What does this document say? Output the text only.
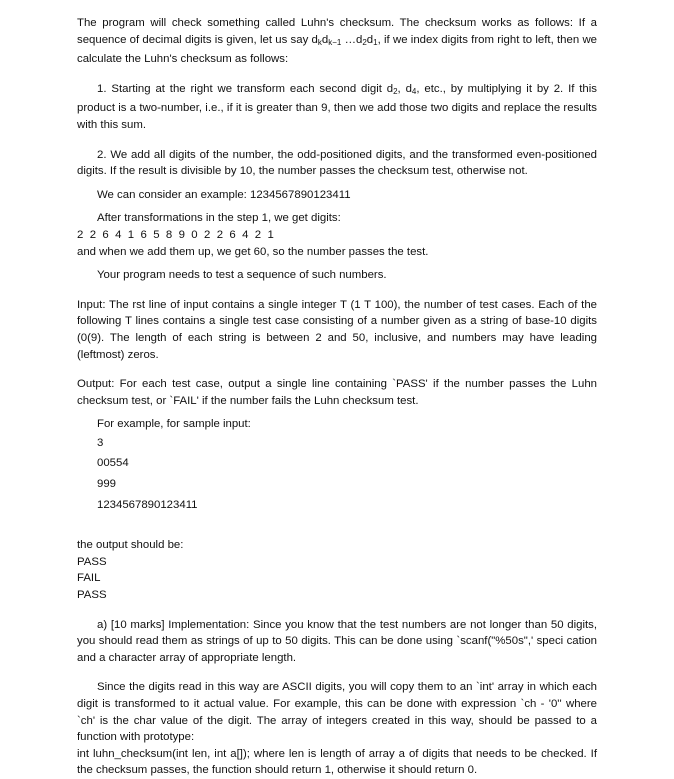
The program will check something called Luhn's checksum. The checksum works as follows: If a sequence of decimal digits is given, let us say $d_kd_{k-1}$ $\dots d_2d_1$, if we index digits from right to left, then we calculate the Luhn's checksum as follows:

1. Starting at the right we transform each second digit $d_2$, $d_4$, etc., by multiplying it by 2. If this product is a two-number, i.e., if it is greater than 9, then we add those two digits and replace the results with this sum.

2. We add all digits of the number, the odd-positioned digits, and the transformed even-positioned digits. If the result is divisible by 10, the number passes the checksum test, otherwise not.

We can consider an example: 1234567890123411

After transformations in the step 1, we get digits:

2 2 6 4 1 6 5 8 9 0 2 2 6 4 2 1

and when we add them up, we get 60, so the number passes the test.

Your program needs to test a sequence of such numbers.

Input: The rst line of input contains a single integer T (1 T 100), the number of test cases. Each of the following T lines contains a single test case consisting of a number given as a string of base-10 digits (0(9). The length of each string is between 2 and 50, inclusive, and numbers may have leading (leftmost) zeros.

Output: For each test case, output a single line containing `PASS' if the number passes the Luhn checksum test, or `FAIL' if the number fails the Luhn checksum test.

For example, for sample input:

3

00554

999

1234567890123411

the output should be:

PASS

FAIL

PASS

a) [10 marks] Implementation: Since you know that the test numbers are not longer than 50 digits, you should read them as strings of up to 50 digits. This can be done using `scanf("%50s",' speci cation and a character array of appropriate length.

Since the digits read in this way are ASCII digits, you will copy them to an `int' array in which each digit is transformed to it actual value. For example, this can be done with expression `ch - '0'' where `ch' is the char value of the digit. The array of integers created in this way, should be passed to a function with prototype:

int luhn_checksum(int len, int a[]); where len is length of array a of digits that needs to be checked. If the checksum passes, the function should return 1, otherwise it should return 0.
